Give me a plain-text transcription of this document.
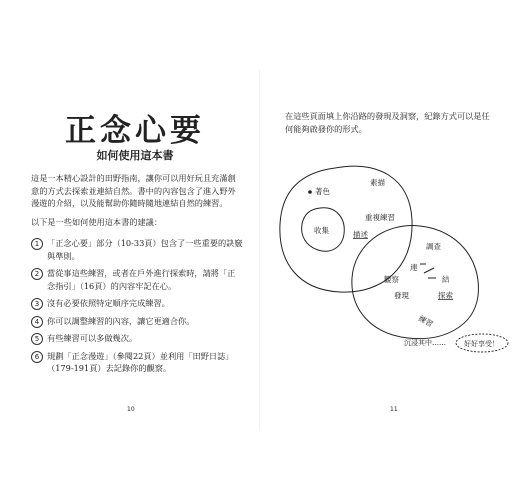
正念心要
如何使用這本書

這是一本精心設計的田野指南，讓你可以用好玩且充滿創意的方式去探索並連結自然。書中的內容包含了進入野外漫遊的介紹，以及能幫助你隨時隨地連結自然的練習。

以下是一些如何使用這本書的建議：

1 「正念心要」部分（10-33頁）包含了一些重要的訣竅與準則。
2 當從事這些練習，或者在戶外進行探索時，請將「正念指引」（16頁）的內容牢記在心。
3 沒有必要依照特定順序完成練習。
4 你可以調整練習的內容，讓它更適合你。
5 有些練習可以多做幾次。
6 規劃「正念漫遊」（參閱22頁）並利用「田野日誌」（179-191頁）去記錄你的觀察。
10

在這些頁面填上你沿路的發現及洞察，紀錄方式可以是任何能夠啟發你的形式。

著色
素描
收集
重複練習
描述
調查
觀察
連
結
發現	探索
練習
沉浸其中……	好好享受！
11
